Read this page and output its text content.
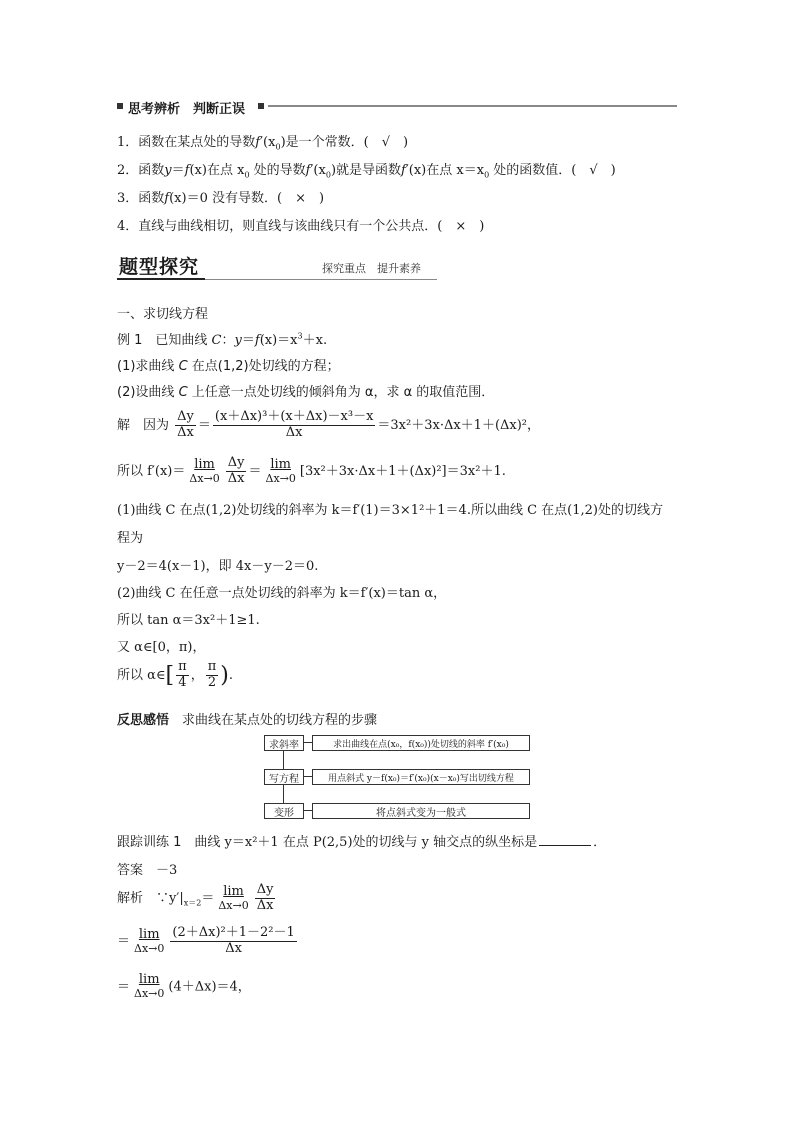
思考辨析　判断正误
1．函数在某点处的导数$f'(x_0)$是一个常数．(　√　)
2．函数y＝f(x)在点 $x_0$ 处的导数$f'(x_0)$就是导函数f′(x)在点 $x=x_0$ 处的函数值．(　√　)
3．函数f(x)＝0 没有导数．(　×　)
4．直线与曲线相切，则直线与该曲线只有一个公共点．(　×　)
题型探究	探究重点　提升素养
一、求切线方程
例 1　已知曲线 C：$y=f(x)=x^3+x$.
(1)求曲线 C 在点(1,2)处切线的方程；
(2)设曲线 C 上任意一点处切线的倾斜角为 α，求 α 的取值范围．
解　因为 $\frac{\Delta y}{\Delta x} = \frac{\text{(x＋Δx)³＋(x＋Δx)－x³－x}}{\Delta x} =3x^2+3x\cdot\Delta x+1+(\Delta x)^2$，
所以 $f'(x)= \frac{\lim}{\Delta x\to 0} \frac{\Delta y}{\Delta x} = \frac{\lim}{\Delta x\to 0} [3x^2+3x\cdot\Delta x+1+(\Delta x)^2]=3x^2+1$.
(1)曲线 C 在点(1,2)处切线的斜率为 k＝f′(1)＝3×1²＋1＝4.所以曲线 C 在点(1,2)处的切线方
程为
y－2＝4(x－1)，即 4x－y－2＝0.
(2)曲线 C 在任意一点处切线的斜率为 k＝f′(x)＝tan α，
所以 tan α＝3x²＋1≥1.
又 α∈[0，π)，
所以 α∈[ $\frac{\pi}{4}$ ， $\frac{\pi}{2}$ ).
反思感悟　求曲线在某点处的切线方程的步骤
求斜率	求出曲线在点(x₀，f(x₀))处切线的斜率 f′(x₀)
写方程	用点斜式 y－f(x₀)＝f′(x₀)(x－x₀)写出切线方程
变形	将点斜式变为一般式
跟踪训练 1　曲线 y＝x²＋1 在点 P(2,5)处的切线与 y 轴交点的纵坐标是	．
答案　 －3
解析　 $\because y'|_{x=2}= \frac{\lim}{\Delta x\to 0} \frac{\Delta y}{\Delta x}$
＝ $\frac{\lim}{\Delta x\to 0} \frac{\text{(2＋Δx)²＋1－2²－1}}{\Delta x}$
＝ $\frac{\lim}{\Delta x\to 0} (4+\Delta x)=4$，
